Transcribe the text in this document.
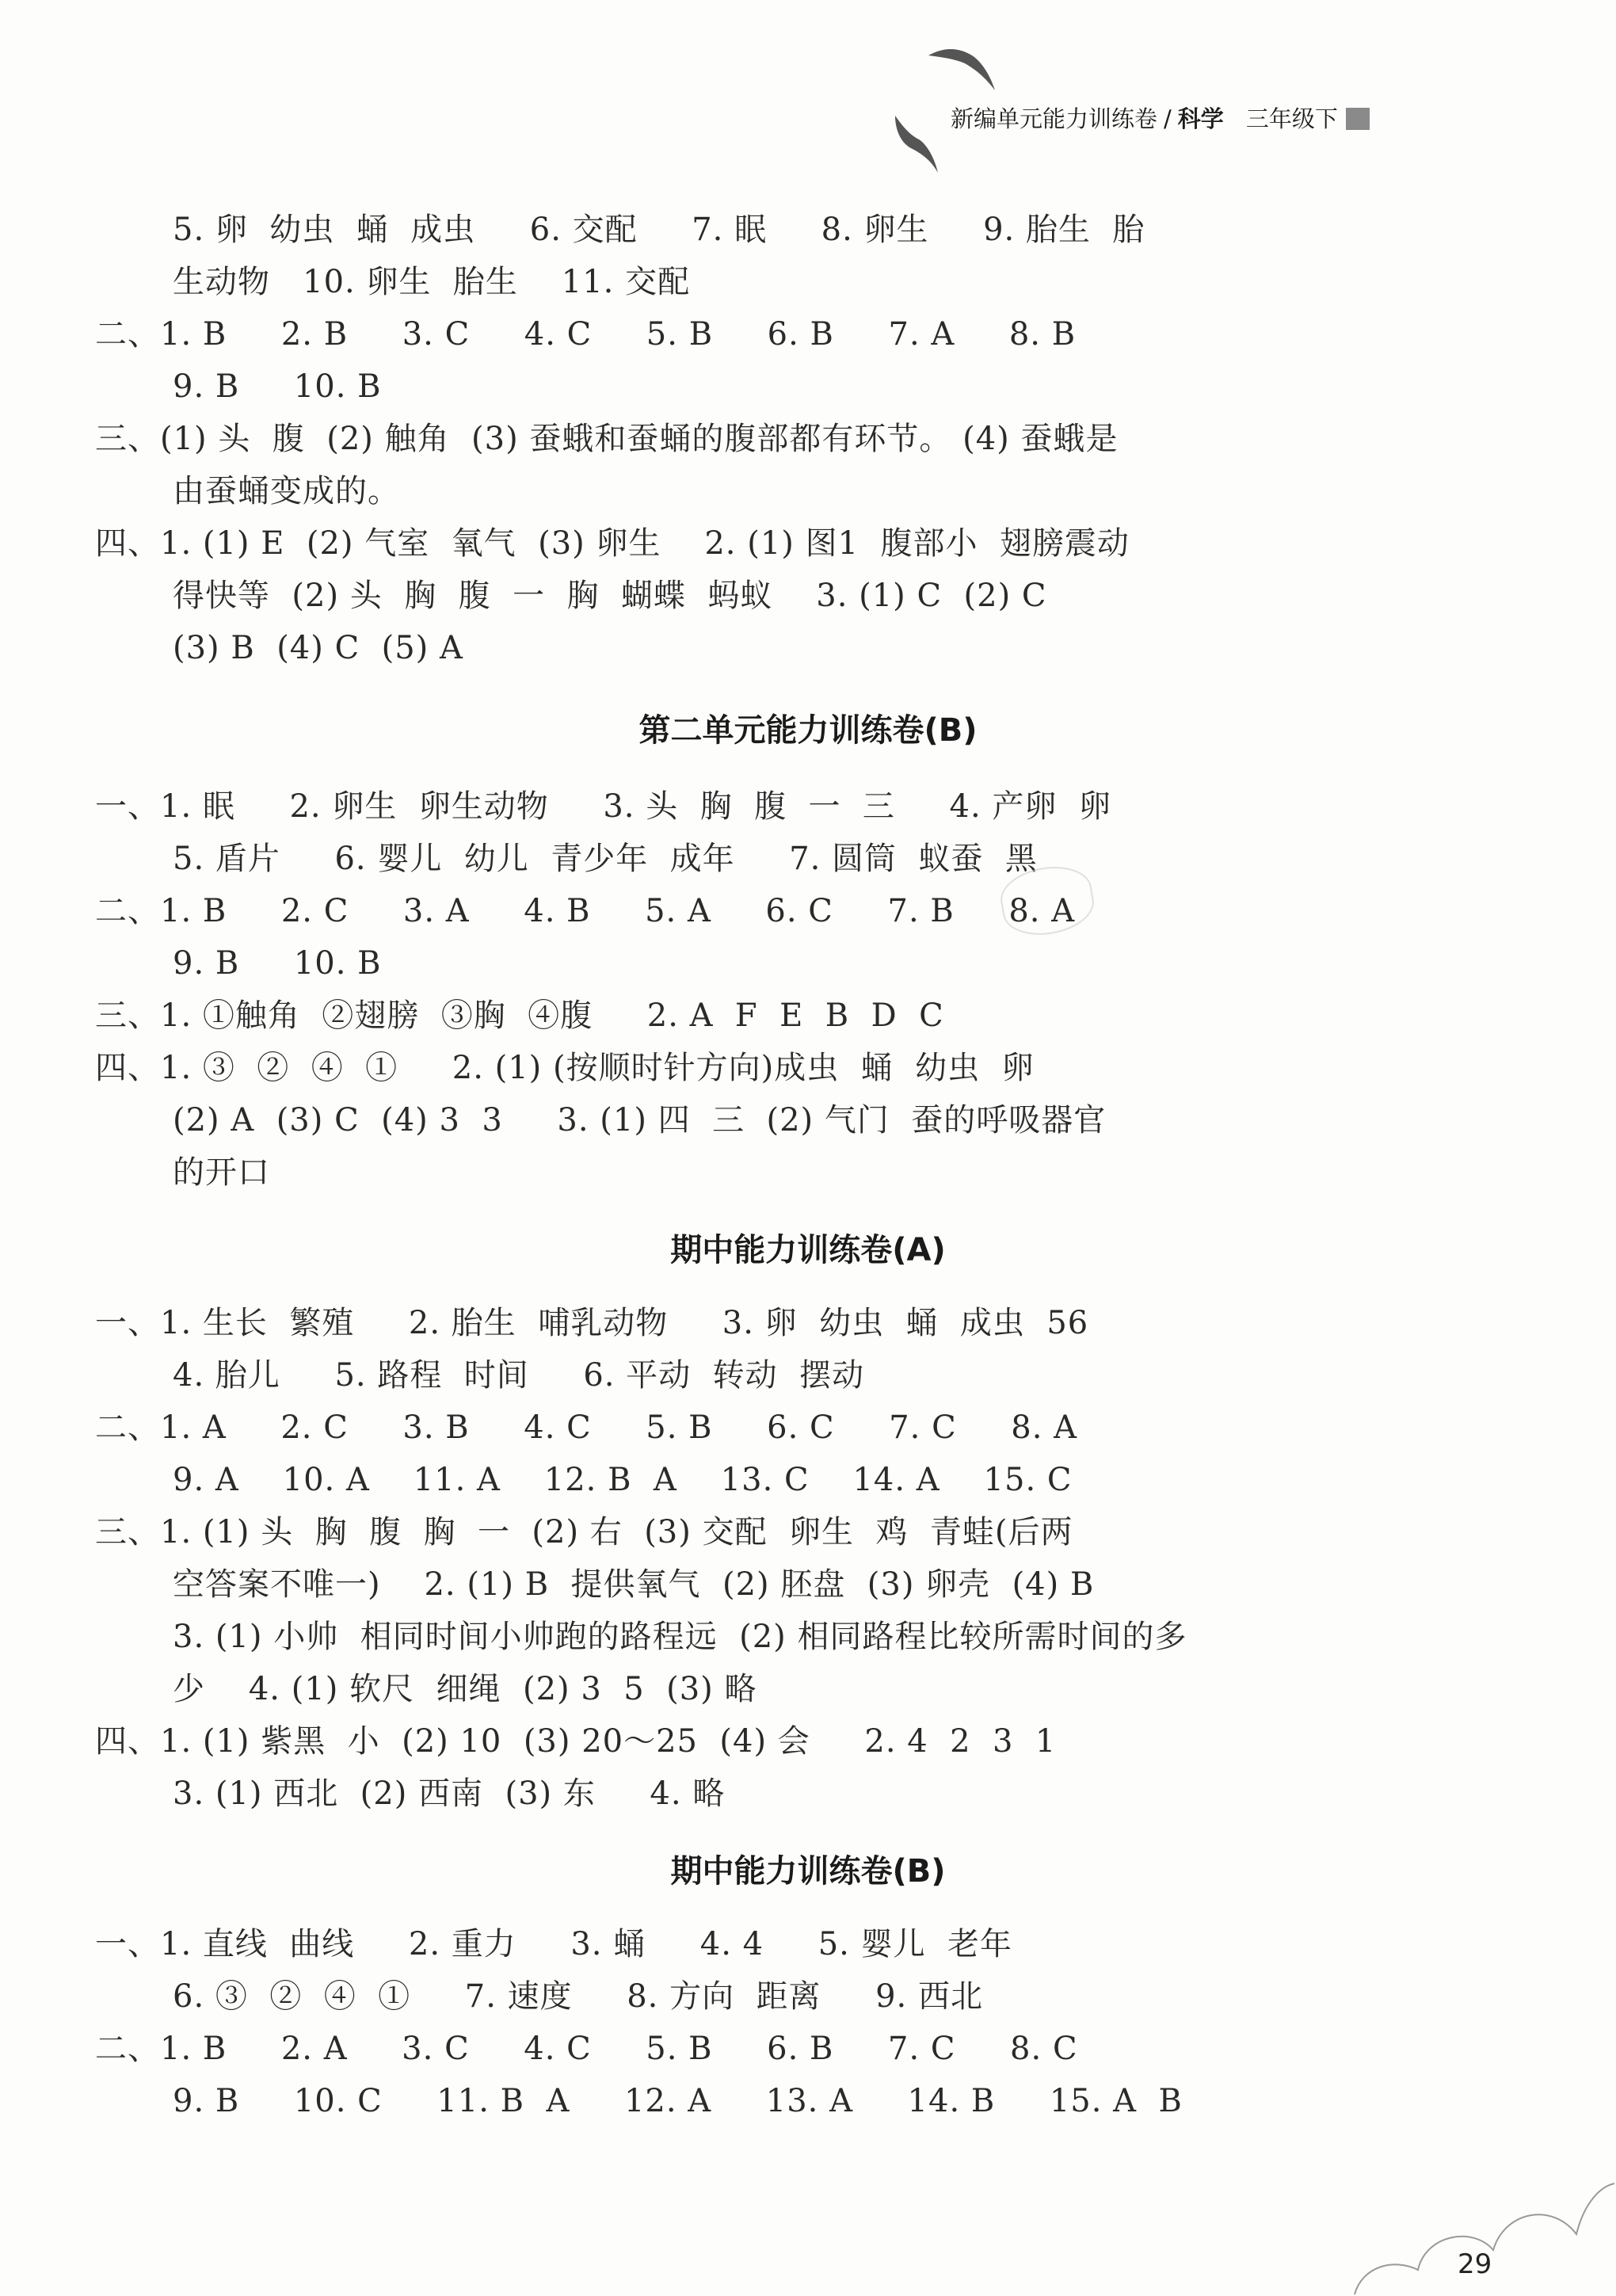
新编单元能力训练卷 / 科学 三年级下
5. 卵  幼虫  蛹  成虫     6. 交配     7. 眠     8. 卵生     9. 胎生  胎
生动物   10. 卵生  胎生    11. 交配
二、1. B     2. B     3. C     4. C     5. B     6. B     7. A     8. B
9. B     10. B
三、(1) 头  腹  (2) 触角  (3) 蚕蛾和蚕蛹的腹部都有环节。 (4) 蚕蛾是
由蚕蛹变成的。
四、1. (1) E  (2) 气室  氧气  (3) 卵生    2. (1) 图1  腹部小  翅膀震动
得快等  (2) 头  胸  腹  一  胸  蝴蝶  蚂蚁    3. (1) C  (2) C
(3) B  (4) C  (5) A
第二单元能力训练卷(B)
一、1. 眠     2. 卵生  卵生动物     3. 头  胸  腹  一  三     4. 产卵  卵
5. 盾片     6. 婴儿  幼儿  青少年  成年     7. 圆筒  蚁蚕  黑
二、1. B     2. C     3. A     4. B     5. A     6. C     7. B     8. A
9. B     10. B
三、1. ①触角  ②翅膀  ③胸  ④腹     2. A  F  E  B  D  C
四、1. ③  ②  ④  ①     2. (1) (按顺时针方向)成虫  蛹  幼虫  卵
(2) A  (3) C  (4) 3  3     3. (1) 四  三  (2) 气门  蚕的呼吸器官
的开口
期中能力训练卷(A)
一、1. 生长  繁殖     2. 胎生  哺乳动物     3. 卵  幼虫  蛹  成虫  56
4. 胎儿     5. 路程  时间     6. 平动  转动  摆动
二、1. A     2. C     3. B     4. C     5. B     6. C     7. C     8. A
9. A    10. A    11. A    12. B  A    13. C    14. A    15. C
三、1. (1) 头  胸  腹  胸  一  (2) 右  (3) 交配  卵生  鸡  青蛙(后两
空答案不唯一)    2. (1) B  提供氧气  (2) 胚盘  (3) 卵壳  (4) B
3. (1) 小帅  相同时间小帅跑的路程远  (2) 相同路程比较所需时间的多
少    4. (1) 软尺  细绳  (2) 3  5  (3) 略
四、1. (1) 紫黑  小  (2) 10  (3) 20～25  (4) 会     2. 4  2  3  1
3. (1) 西北  (2) 西南  (3) 东     4. 略
期中能力训练卷(B)
一、1. 直线  曲线     2. 重力     3. 蛹     4. 4     5. 婴儿  老年
6. ③  ②  ④  ①     7. 速度     8. 方向  距离     9. 西北
二、1. B     2. A     3. C     4. C     5. B     6. B     7. C     8. C
9. B     10. C     11. B  A     12. A     13. A     14. B     15. A  B
29
